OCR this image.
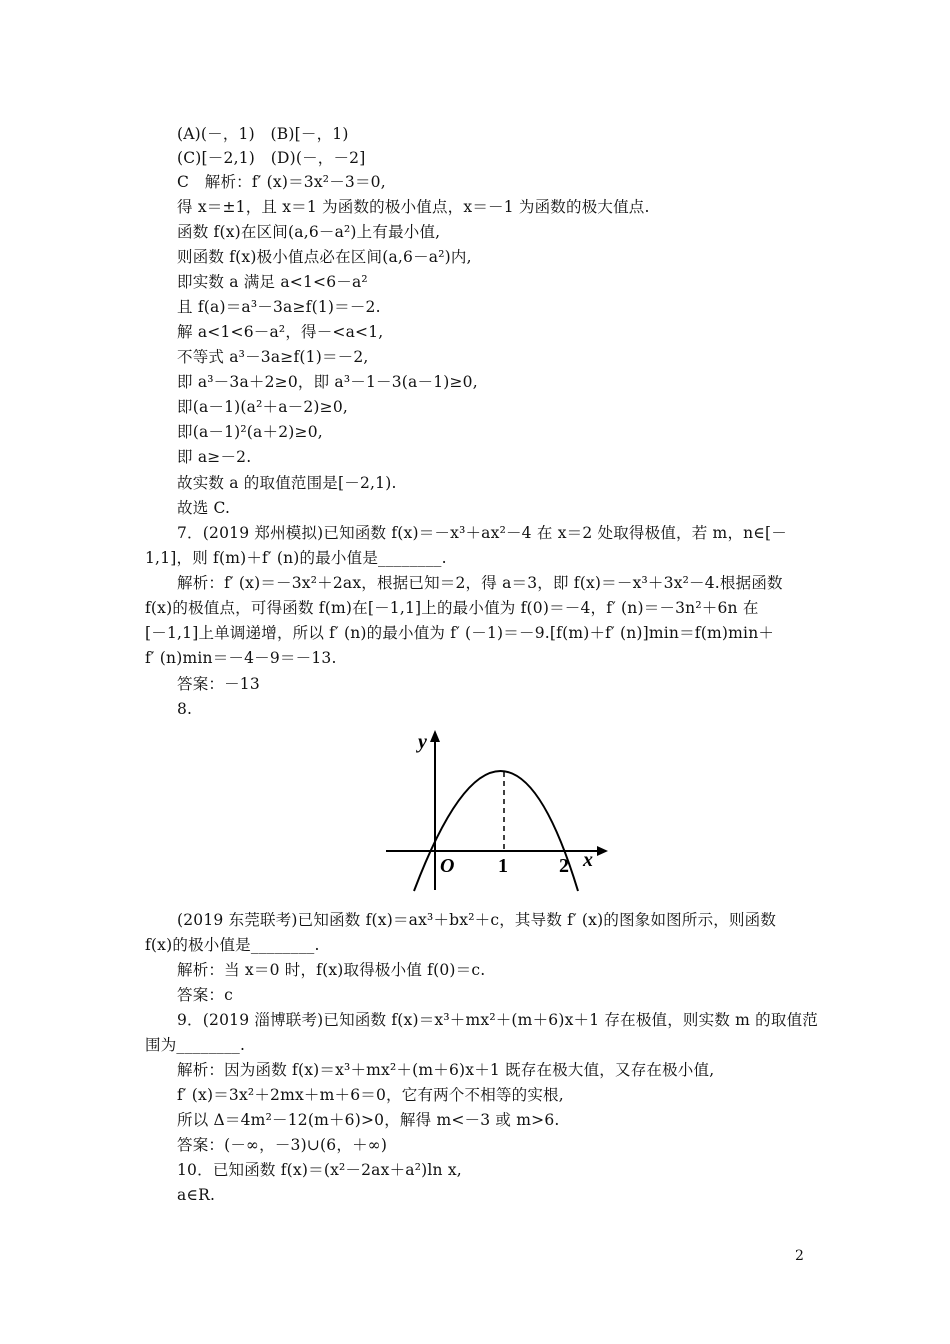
(A)(－，1)　(B)[－，1)
(C)[－2,1)　(D)(－，－2]
C　解析：f′ (x)＝3x²－3＝0,
得 x＝±1，且 x＝1 为函数的极小值点，x＝－1 为函数的极大值点.
函数 f(x)在区间(a,6－a²)上有最小值,
则函数 f(x)极小值点必在区间(a,6－a²)内,
即实数 a 满足 a<1<6－a²
且 f(a)＝a³－3a≥f(1)＝－2.
解 a<1<6－a²，得－<a<1,
不等式 a³－3a≥f(1)＝－2,
即 a³－3a＋2≥0，即 a³－1－3(a－1)≥0,
即(a－1)(a²＋a－2)≥0,
即(a－1)²(a＋2)≥0,
即 a≥－2.
故实数 a 的取值范围是[－2,1).
故选 C.
7．(2019 郑州模拟)已知函数 f(x)＝－x³＋ax²－4 在 x＝2 处取得极值，若 m，n∈[－
1,1]，则 f(m)＋f′ (n)的最小值是________.
解析：f′ (x)＝－3x²＋2ax，根据已知＝2，得 a＝3，即 f(x)＝－x³＋3x²－4.根据函数
f(x)的极值点，可得函数 f(m)在[－1,1]上的最小值为 f(0)＝－4，f′ (n)＝－3n²＋6n 在
[－1,1]上单调递增，所以 f′ (n)的最小值为 f′ (－1)＝－9.[f(m)＋f′ (n)]min＝f(m)min＋
f′ (n)min＝－4－9＝－13.
答案：－13
8.
y
x
O 1	2
(2019 东莞联考)已知函数 f(x)＝ax³＋bx²＋c，其导数 f′ (x)的图象如图所示，则函数
f(x)的极小值是________.
解析：当 x＝0 时，f(x)取得极小值 f(0)＝c.
答案：c
9．(2019 淄博联考)已知函数 f(x)＝x³＋mx²＋(m＋6)x＋1 存在极值，则实数 m 的取值范
围为________.
解析：因为函数 f(x)＝x³＋mx²＋(m＋6)x＋1 既存在极大值，又存在极小值,
f′ (x)＝3x²＋2mx＋m＋6＝0，它有两个不相等的实根,
所以 Δ＝4m²－12(m＋6)>0，解得 m<－3 或 m>6.
答案：(－∞，－3)∪(6，＋∞)
10．已知函数 f(x)＝(x²－2ax＋a²)ln x,
a∈R.
2
